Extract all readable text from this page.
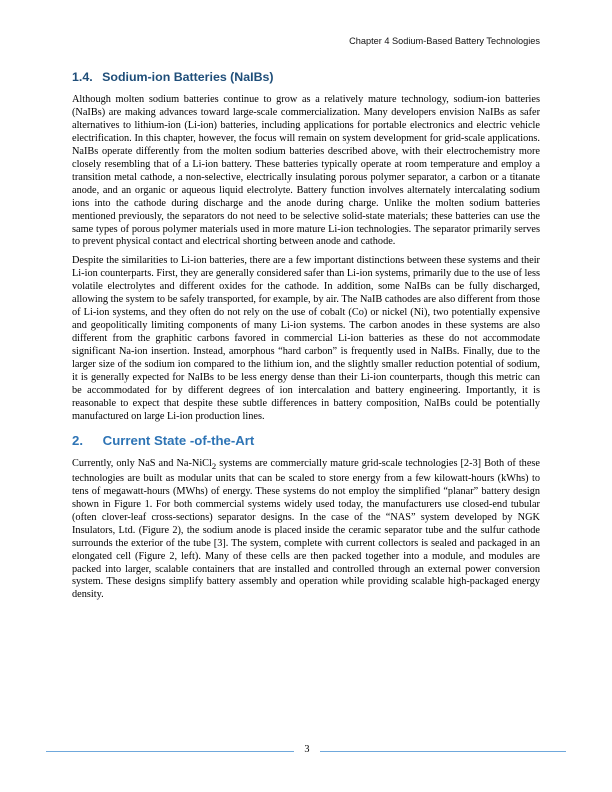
Chapter 4 Sodium-Based Battery Technologies
1.4. Sodium-ion Batteries (NaIBs)

Although molten sodium batteries continue to grow as a relatively mature technology, sodium-ion batteries (NaIBs) are making advances toward large-scale commercialization. Many developers envision NaIBs as safer alternatives to lithium-ion (Li-ion) batteries, including applications for portable electronics and electric vehicle electrification. In this chapter, however, the focus will remain on system development for grid-scale applications. NaIBs operate differently from the molten sodium batteries described above, with their electrochemistry more closely resembling that of a Li-ion battery. These batteries typically operate at room temperature and employ a transition metal cathode, a non-selective, electrically insulating porous polymer separator, a carbon or a titanate anode, and an organic or aqueous liquid electrolyte. Battery function involves alternately intercalating sodium ions into the cathode during discharge and the anode during charge. Unlike the molten sodium batteries mentioned previously, the separators do not need to be selective solid-state materials; these batteries can use the same types of porous polymer materials used in more mature Li-ion technologies. The separator primarily serves to prevent physical contact and electrical shorting between anode and cathode.

Despite the similarities to Li-ion batteries, there are a few important distinctions between these systems and their Li-ion counterparts. First, they are generally considered safer than Li-ion systems, primarily due to the use of less volatile electrolytes and different oxides for the cathode. In addition, some NaIBs can be fully discharged, allowing the system to be safely transported, for example, by air. The NaIB cathodes are also different from those of Li-ion systems, and they often do not rely on the use of cobalt (Co) or nickel (Ni), two potentially expensive and geopolitically limiting components of many Li-ion systems. The carbon anodes in these systems are also different from the graphitic carbons favored in commercial Li-ion batteries as these do not accommodate significant Na-ion insertion. Instead, amorphous “hard carbon” is frequently used in NaIBs. Finally, due to the larger size of the sodium ion compared to the lithium ion, and the slightly smaller reduction potential of sodium, it is generally expected for NaIBs to be less energy dense than their Li-ion counterparts, though this metric can be accommodated for by different degrees of ion intercalation and battery engineering. Importantly, it is reasonable to expect that despite these subtle differences in battery composition, NaIBs could be potentially manufactured on large Li-ion production lines.

2. Current State -of-the-Art

Currently, only NaS and Na-NiCl$_2$ systems are commercially mature grid-scale technologies [2-3] Both of these technologies are built as modular units that can be scaled to store energy from a few kilowatt-hours (kWhs) to tens of megawatt-hours (MWhs) of energy. These systems do not employ the simplified “planar” battery design shown in Figure 1. For both commercial systems widely used today, the manufacturers use closed-end tubular (often clover-leaf cross-sections) separator designs. In the case of the “NAS” system developed by NGK Insulators, Ltd. (Figure 2), the sodium anode is placed inside the ceramic separator tube and the sulfur cathode surrounds the exterior of the tube [3]. The system, complete with current collectors is sealed and packaged in an elongated cell (Figure 2, left). Many of these cells are then packed together into a module, and modules are packed into larger, scalable containers that are installed and controlled through an external power conversion system. These designs simplify battery assembly and operation while providing scalable high-packaged energy density.

3
